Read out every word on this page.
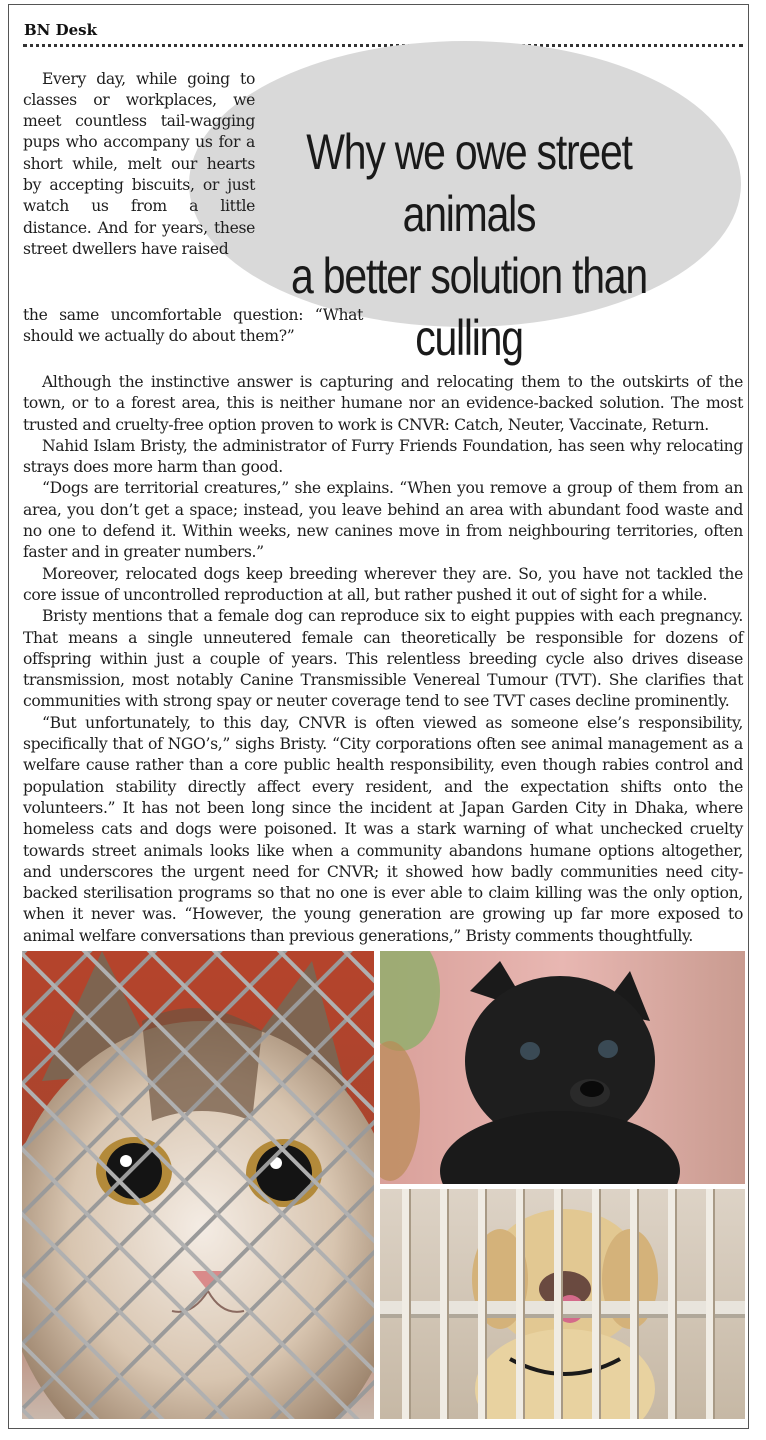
BN Desk
Why we owe street animals
a better solution than
culling

Every day, while going to classes or workplaces, we meet countless tail-wagging pups who accompany us for a short while, melt our hearts by accepting biscuits, or just watch us from a little distance. And for years, these street dwellers have raised

the same uncomfortable question: “What should we actually do about them?”

Although the instinctive answer is capturing and relocating them to the outskirts of the town, or to a forest area, this is neither humane nor an evidence-backed solution. The most trusted and cruelty-free option proven to work is CNVR: Catch, Neuter, Vaccinate, Return.

Nahid Islam Bristy, the administrator of Furry Friends Foundation, has seen why relocating strays does more harm than good.

“Dogs are territorial creatures,” she explains. “When you remove a group of them from an area, you don’t get a space; instead, you leave behind an area with abundant food waste and no one to defend it. Within weeks, new canines move in from neighbouring territories, often faster and in greater numbers.”

Moreover, relocated dogs keep breeding wherever they are. So, you have not tackled the core issue of uncontrolled reproduction at all, but rather pushed it out of sight for a while.

Bristy mentions that a female dog can reproduce six to eight puppies with each pregnancy. That means a single unneutered female can theoretically be responsible for dozens of offspring within just a couple of years. This relentless breeding cycle also drives disease transmission, most notably Canine Transmissible Venereal Tumour (TVT). She clarifies that communities with strong spay or neuter coverage tend to see TVT cases decline prominently.

“But unfortunately, to this day, CNVR is often viewed as someone else’s responsibility, specifically that of NGO’s,” sighs Bristy. “City corporations often see animal management as a welfare cause rather than a core public health responsibility, even though rabies control and population stability directly affect every resident, and the expectation shifts onto the volunteers.” It has not been long since the incident at Japan Garden City in Dhaka, where homeless cats and dogs were poisoned. It was a stark warning of what unchecked cruelty towards street animals looks like when a community abandons humane options altogether, and underscores the urgent need for CNVR; it showed how badly communities need city-backed sterilisation programs so that no one is ever able to claim killing was the only option, when it never was. “However, the young generation are growing up far more exposed to animal welfare conversations than previous generations,” Bristy comments thoughtfully.
